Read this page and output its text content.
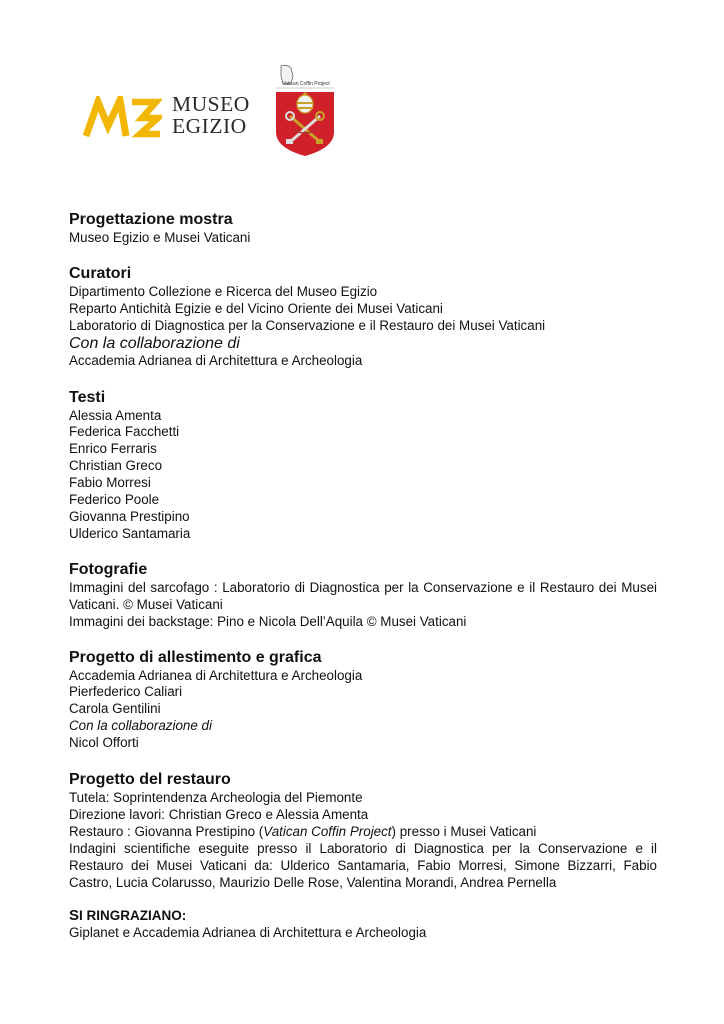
MUSEO
EGIZIO
Vatican Coffin Project
Progettazione mostra
Museo Egizio e Musei Vaticani
Curatori
Dipartimento Collezione e Ricerca del Museo Egizio
Reparto Antichità Egizie e del Vicino Oriente dei Musei Vaticani
Laboratorio di Diagnostica per la Conservazione e il Restauro dei Musei Vaticani
Con la collaborazione di
Accademia Adrianea di Architettura e Archeologia
Testi
Alessia Amenta
Federica Facchetti
Enrico Ferraris
Christian Greco
Fabio Morresi
Federico Poole
Giovanna Prestipino
Ulderico Santamaria
Fotografie
Immagini del sarcofago : Laboratorio di Diagnostica per la Conservazione e il Restauro dei Musei Vaticani. © Musei Vaticani
Immagini dei backstage: Pino e Nicola Dell’Aquila © Musei Vaticani
Progetto di allestimento e grafica
Accademia Adrianea di Architettura e Archeologia
Pierfederico Caliari
Carola Gentilini
Con la collaborazione di
Nicol Offorti
Progetto del restauro
Tutela: Soprintendenza Archeologia del Piemonte
Direzione lavori: Christian Greco e Alessia Amenta
Restauro : Giovanna Prestipino (Vatican Coffin Project) presso i Musei Vaticani
Indagini scientifiche eseguite presso il Laboratorio di Diagnostica per la Conservazione e il Restauro dei Musei Vaticani da: Ulderico Santamaria, Fabio Morresi, Simone Bizzarri, Fabio Castro, Lucia Colarusso, Maurizio Delle Rose, Valentina Morandi, Andrea Pernella
SI RINGRAZIANO:
Giplanet e Accademia Adrianea di Architettura e Archeologia
